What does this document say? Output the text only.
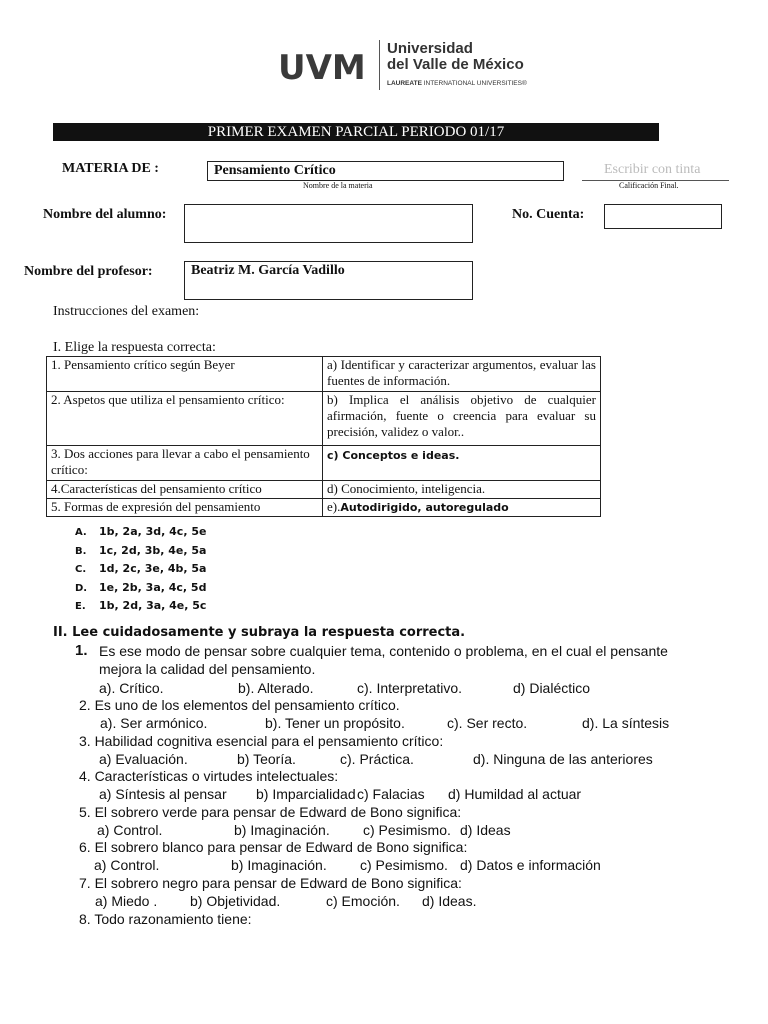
UVM Universidad
del Valle de México
LAUREATE INTERNATIONAL UNIVERSITIES®
PRIMER EXAMEN PARCIAL PERIODO 01/17
MATERIA DE :	Pensamiento Crítico
Nombre de la materia
Escribir con tinta
Calificación Final.
Nombre del alumno:	No. Cuenta:
Nombre del profesor:	Beatriz M. García Vadillo
Instrucciones del examen:
I. Elige la respuesta correcta:
1. Pensamiento crítico según Beyer	a) Identificar y caracterizar argumentos, evaluar las fuentes de información.
2. Aspetos que utiliza el pensamiento crítico:	b) Implica el análisis objetivo de cualquier afirmación, fuente o creencia para evaluar su precisión, validez o valor..
3. Dos acciones para llevar a cabo el pensamiento crítico:	c) Conceptos e ideas.
4.Características del pensamiento crítico	d) Conocimiento, inteligencia.
5. Formas de expresión del pensamiento	e).Autodirigido, autoregulado
A. 1b, 2a, 3d, 4c, 5e
B. 1c, 2d, 3b, 4e, 5a
C. 1d, 2c, 3e, 4b, 5a
D. 1e, 2b, 3a, 4c, 5d
E. 1b, 2d, 3a, 4e, 5c
II. Lee cuidadosamente y subraya la respuesta correcta.
1. Es ese modo de pensar sobre cualquier tema, contenido o problema, en el cual el pensante
mejora la calidad del pensamiento.
a). Crítico.	b). Alterado.	c). Interpretativo.	d) Dialéctico
2. Es uno de los elementos del pensamiento crítico.
a). Ser armónico.	b). Tener un propósito.	c). Ser recto.	d). La síntesis
3. Habilidad cognitiva esencial para el pensamiento crítico:
a) Evaluación.	b) Teoría.	c). Práctica.	d). Ninguna de las anteriores
4. Características o virtudes intelectuales:
a) Síntesis al pensar b) Imparcialidad c) Falacias d) Humildad al actuar
5. El sobrero verde para pensar de Edward de Bono significa:
a) Control.	b) Imaginación. c) Pesimismo. d) Ideas
6. El sobrero blanco para pensar de Edward de Bono significa:
a) Control.	b) Imaginación. c) Pesimismo. d) Datos e información
7. El sobrero negro para pensar de Edward de Bono significa:
a) Miedo . b) Objetividad.	c) Emoción. d) Ideas.
8. Todo razonamiento tiene:
